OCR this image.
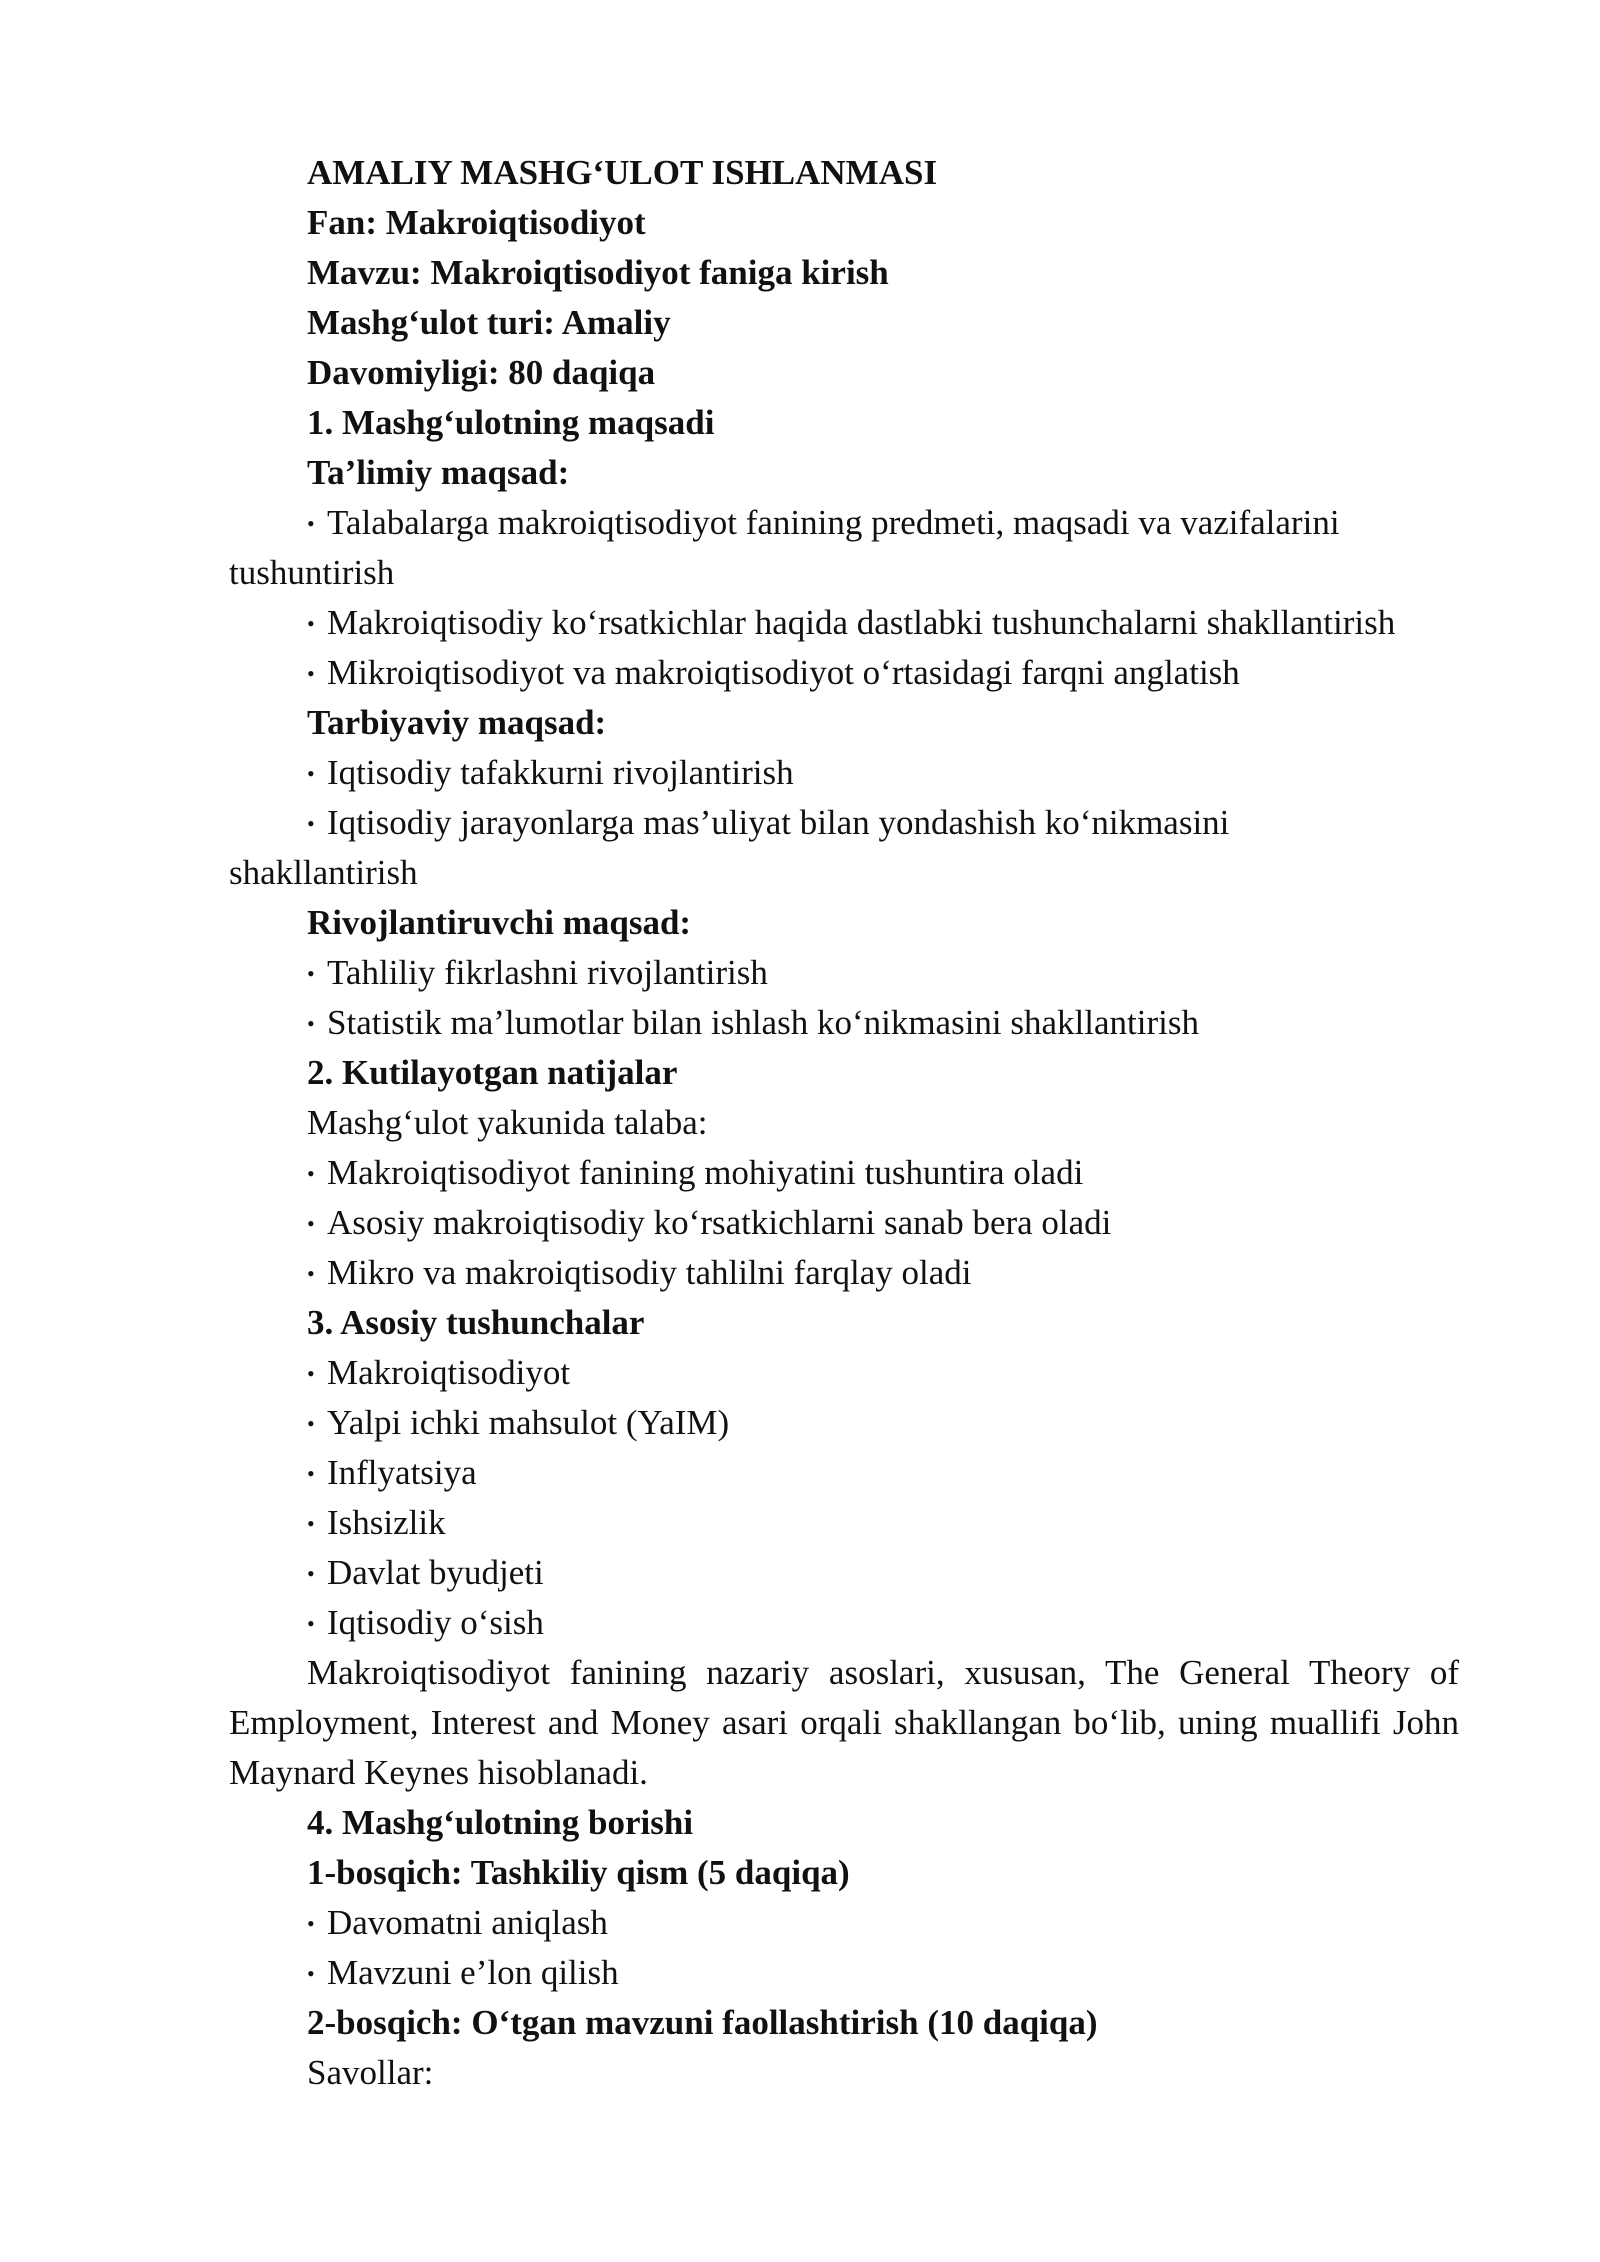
AMALIY MASHG‘ULOT ISHLANMASI
Fan: Makroiqtisodiyot
Mavzu: Makroiqtisodiyot faniga kirish
Mashg‘ulot turi: Amaliy
Davomiyligi: 80 daqiqa
1. Mashg‘ulotning maqsadi
Ta’limiy maqsad:
• Talabalarga makroiqtisodiyot fanining predmeti, maqsadi va vazifalarini
tushuntirish
• Makroiqtisodiy ko‘rsatkichlar haqida dastlabki tushunchalarni shakllantirish
• Mikroiqtisodiyot va makroiqtisodiyot o‘rtasidagi farqni anglatish
Tarbiyaviy maqsad:
• Iqtisodiy tafakkurni rivojlantirish
• Iqtisodiy jarayonlarga mas’uliyat bilan yondashish ko‘nikmasini
shakllantirish
Rivojlantiruvchi maqsad:
• Tahliliy fikrlashni rivojlantirish
• Statistik ma’lumotlar bilan ishlash ko‘nikmasini shakllantirish
2. Kutilayotgan natijalar
Mashg‘ulot yakunida talaba:
• Makroiqtisodiyot fanining mohiyatini tushuntira oladi
• Asosiy makroiqtisodiy ko‘rsatkichlarni sanab bera oladi
• Mikro va makroiqtisodiy tahlilni farqlay oladi
3. Asosiy tushunchalar
• Makroiqtisodiyot
• Yalpi ichki mahsulot (YaIM)
• Inflyatsiya
• Ishsizlik
• Davlat byudjeti
• Iqtisodiy o‘sish
Makroiqtisodiyot fanining nazariy asoslari, xususan, The General Theory of Employment, Interest and Money asari orqali shakllangan bo‘lib, uning muallifi John Maynard Keynes hisoblanadi.
4. Mashg‘ulotning borishi
1-bosqich: Tashkiliy qism (5 daqiqa)
• Davomatni aniqlash
• Mavzuni e’lon qilish
2-bosqich: O‘tgan mavzuni faollashtirish (10 daqiqa)
Savollar:
